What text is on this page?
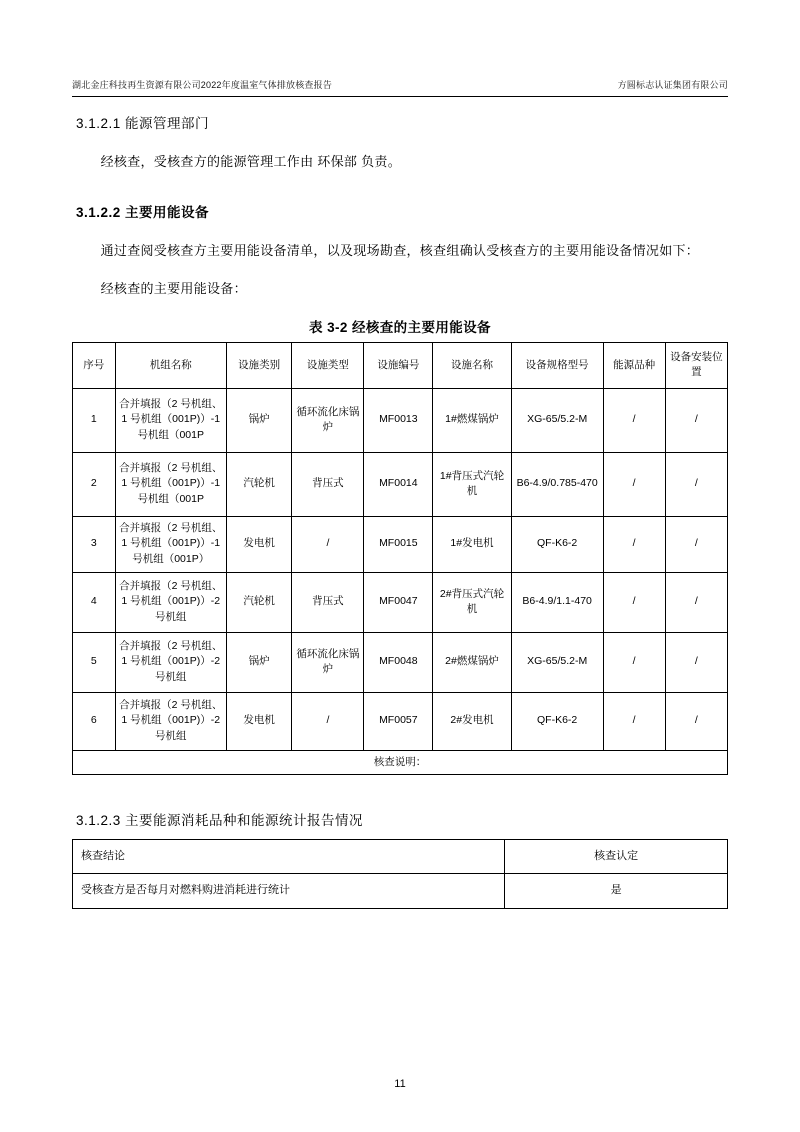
湖北金庄科技再生资源有限公司2022年度温室气体排放核查报告	方圆标志认证集团有限公司
3.1.2.1 能源管理部门
经核查，受核查方的能源管理工作由 环保部 负责。
3.1.2.2 主要用能设备
通过查阅受核查方主要用能设备清单，以及现场勘查，核查组确认受核查方的主要用能设备情况如下：
经核查的主要用能设备：
表 3-2 经核查的主要用能设备
序号	机组名称	设施类别	设施类型	设施编号	设施名称	设备规格型号	能源品种	设备安装位置
1	合并填报（2 号机组、 1 号机组（001P)）-1 号机组（001P	锅炉	循环流化床锅炉	MF0013	1#燃煤锅炉	XG-65/5.2-M	/	/
2	合并填报（2 号机组、 1 号机组（001P)）-1 号机组（001P	汽轮机	背压式	MF0014	1#背压式汽轮机	B6-4.9/0.785-470	/	/
3	合并填报（2 号机组、1 号机组（001P)）-1 号机组（001P）	发电机	/	MF0015	1#发电机	QF-K6-2	/	/
4	合并填报（2 号机组、1 号机组（001P)）-2 号机组	汽轮机	背压式	MF0047	2#背压式汽轮机	B6-4.9/1.1-470	/	/
5	合并填报（2 号机组、 1 号机组（001P)）-2 号机组	锅炉	循环流化床锅炉	MF0048	2#燃煤锅炉	XG-65/5.2-M	/	/
6	合并填报（2 号机组、1 号机组（001P)）-2 号机组	发电机	/	MF0057	2#发电机	QF-K6-2	/	/
核查说明：								
3.1.2.3 主要能源消耗品种和能源统计报告情况
核查结论	核查认定
受核查方是否每月对燃料购进消耗进行统计	是
11
